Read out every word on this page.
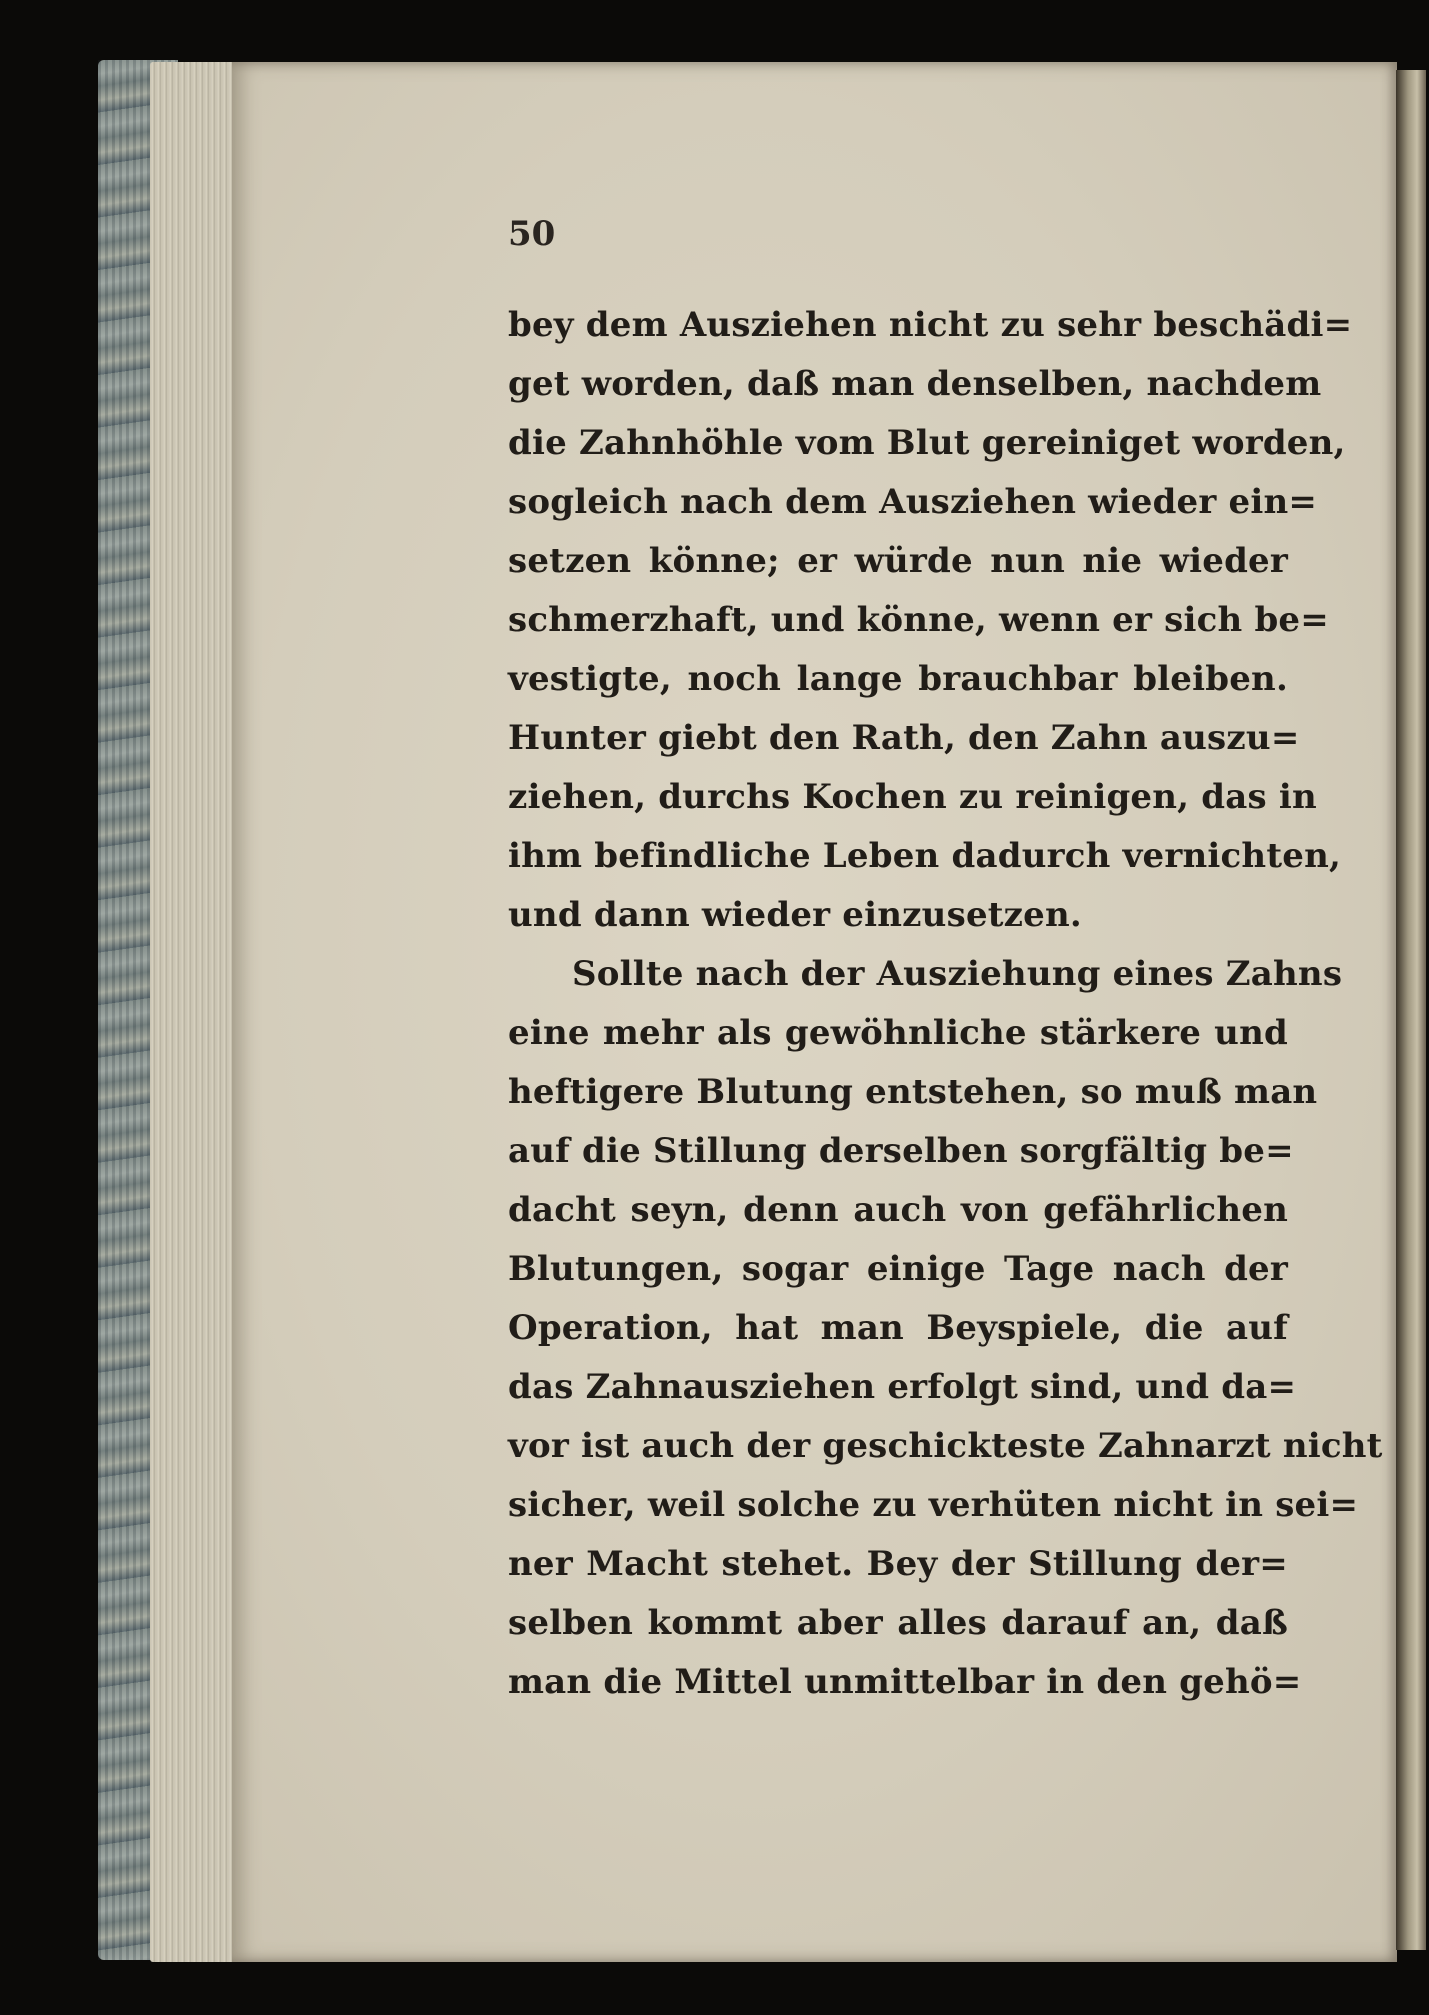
50
bey dem Ausziehen nicht zu sehr beschädi=
get worden, daß man denselben, nachdem
die Zahnhöhle vom Blut gereiniget worden,
sogleich nach dem Ausziehen wieder ein=
setzen könne; er würde nun nie wieder
schmerzhaft, und könne, wenn er sich be=
vestigte, noch lange brauchbar bleiben.
Hunter giebt den Rath, den Zahn auszu=
ziehen, durchs Kochen zu reinigen, das in
ihm befindliche Leben dadurch vernichten,
und dann wieder einzusetzen.
Sollte nach der Ausziehung eines Zahns
eine mehr als gewöhnliche stärkere und
heftigere Blutung entstehen, so muß man
auf die Stillung derselben sorgfältig be=
dacht seyn, denn auch von gefährlichen
Blutungen, sogar einige Tage nach der
Operation, hat man Beyspiele, die auf
das Zahnausziehen erfolgt sind, und da=
vor ist auch der geschickteste Zahnarzt nicht
sicher, weil solche zu verhüten nicht in sei=
ner Macht stehet. Bey der Stillung der=
selben kommt aber alles darauf an, daß
man die Mittel unmittelbar in den gehö=
